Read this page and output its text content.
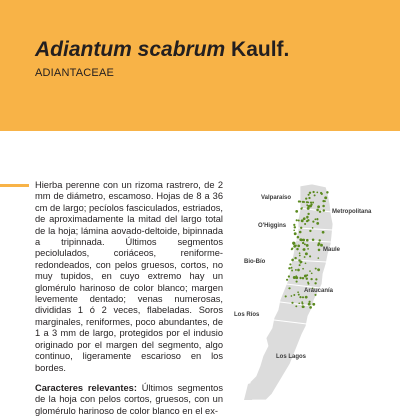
Adiantum scabrum Kaulf.
ADIANTACEAE

Hierba perenne con un rizoma rastrero, de 2 mm de diámetro, escamoso. Hojas de 8 a 36 cm de largo; pecíolos fasciculados, estriados, de aproximadamente la mitad del largo total de la hoja; lámina aovado-deltoide, bipinnada a tripinnada. Últimos segmentos peciolulados, coriáceos, reniforme-redondeados, con pelos gruesos, cortos, no muy tupidos, en cuyo extremo hay un glomérulo harinoso de color blanco; margen levemente dentado; venas numerosas, divididas 1 ó 2 veces, flabeladas. Soros marginales, reniformes, poco abundantes, de 1 a 3 mm de largo, protegidos por el indusio originado por el margen del segmento, algo continuo, ligeramente escarioso en los bordes.

Caracteres relevantes: Últimos segmentos de la hoja con pelos cortos, gruesos, con un glomérulo harinoso de color blanco en el ex-

Valparaíso
Metropolitana
O'Higgins
Maule
Bio-Bío
Araucanía
Los Ríos
Los Lagos
